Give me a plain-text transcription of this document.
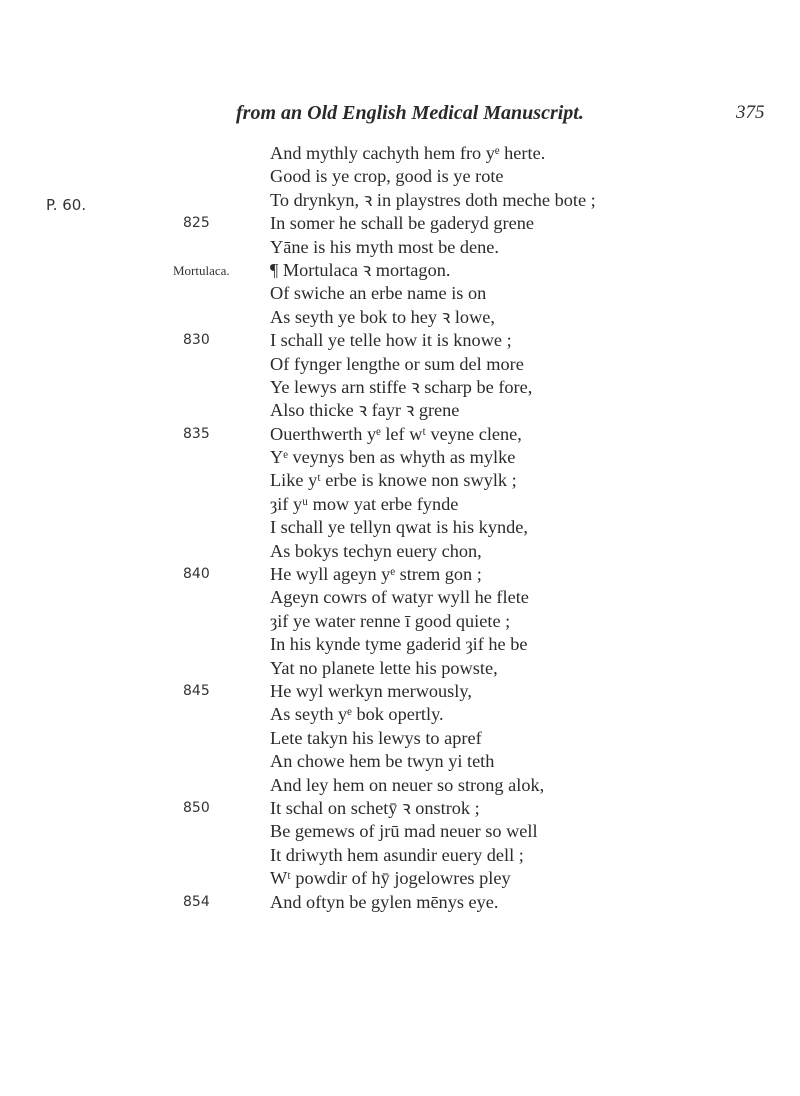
from an Old English Medical Manuscript.	375
P. 60.
And mythly cachyth hem fro yᵉ herte.
Good is ye crop, good is ye rote
To drynkyn, ꝛ in playstres doth meche bote ;
825	In somer he schall be gaderyd grene
Yāne is his myth most be dene.
Mortulaca. ¶ Mortulaca ꝛ mortagon.
Of swiche an erbe name is on
As seyth ye bok to hey ꝛ lowe,
830	I schall ye telle how it is knowe ;
Of fynger lengthe or sum del more
Ye lewys arn stiffe ꝛ scharp be fore,
Also thicke ꝛ fayr ꝛ grene
835	Ouerthwerth yᵉ lef wᵗ veyne clene,
Yᵉ veynys ben as whyth as mylke
Like yᵗ erbe is knowe non swylk ;
ȝif yᵘ mow yat erbe fynde
I schall ye tellyn qwat is his kynde,
As bokys techyn euery chon,
840	He wyll ageyn yᵉ strem gon ;
Ageyn cowrs of watyr wyll he flete
ȝif ye water renne ī good quiete ;
In his kynde tyme gaderid ȝif he be
Yat no planete lette his powste,
845	He wyl werkyn merwously,
As seyth yᵉ bok opertly.
Lete takyn his lewys to apref
An chowe hem be twyn yi teth
And ley hem on neuer so strong alok,
850	It schal on schetȳ ꝛ onstrok ;
Be gemews of jrū mad neuer so well
It driwyth hem asundir euery dell ;
Wᵗ powdir of hȳ jogelowres pley
854	And oftyn be gylen mēnys eye.
